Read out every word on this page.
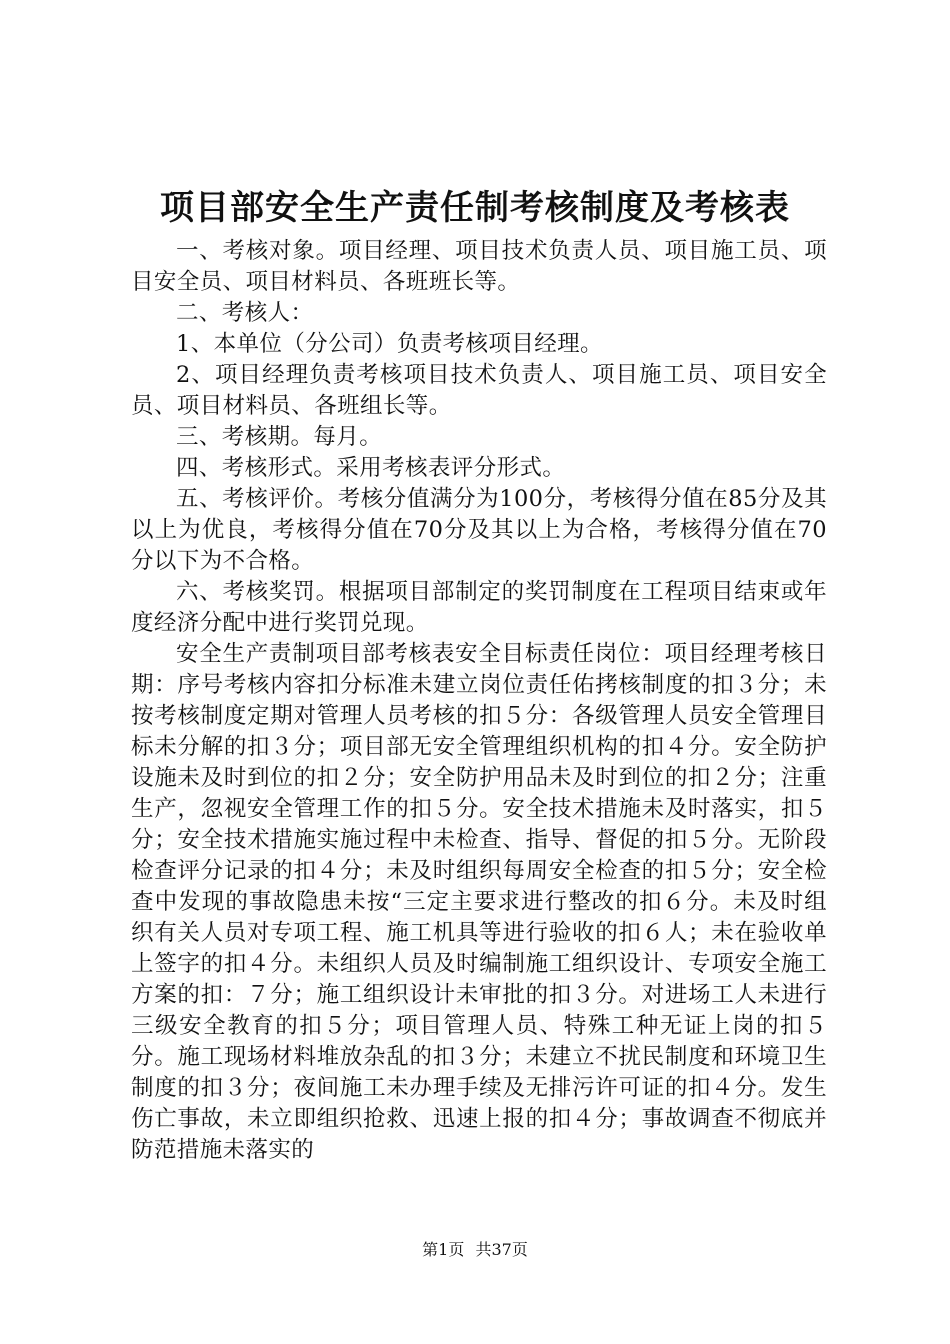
项目部安全生产责任制考核制度及考核表

一、考核对象。项目经理、项目技术负责人员、项目施工员、项目安全员、项目材料员、各班班长等。

二、考核人：

1、本单位（分公司）负责考核项目经理。

2、项目经理负责考核项目技术负责人、项目施工员、项目安全员、项目材料员、各班组长等。

三、考核期。每月。

四、考核形式。采用考核表评分形式。

五、考核评价。考核分值满分为100分，考核得分值在85分及其以上为优良，考核得分值在70分及其以上为合格，考核得分值在70分以下为不合格。

六、考核奖罚。根据项目部制定的奖罚制度在工程项目结束或年度经济分配中进行奖罚兑现。

安全生产责制项目部考核表安全目标责任岗位：项目经理考核日期：序号考核内容扣分标准未建立岗位责任佑拷核制度的扣３分；未按考核制度定期对管理人员考核的扣５分：各级管理人员安全管理目标未分解的扣３分；项目部无安全管理组织机构的扣４分。安全防护设施未及时到位的扣２分；安全防护用品未及时到位的扣２分；注重生产，忽视安全管理工作的扣５分。安全技术措施未及时落实，扣５分；安全技术措施实施过程中未检查、指导、督促的扣５分。无阶段检查评分记录的扣４分；未及时组织每周安全检查的扣５分；安全检查中发现的事故隐患未按“三定主要求进行整改的扣６分。未及时组织有关人员对专项工程、施工机具等进行验收的扣６人；未在验收单上签字的扣４分。未组织人员及时编制施工组织设计、专项安全施工方案的扣：７分；施工组织设计未审批的扣３分。对进场工人未进行三级安全教育的扣５分；项目管理人员、特殊工种无证上岗的扣５分。施工现场材料堆放杂乱的扣３分；未建立不扰民制度和环境卫生制度的扣３分；夜间施工未办理手续及无排污许可证的扣４分。发生伤亡事故，未立即组织抢救、迅速上报的扣４分；事故调查不彻底并防范措施未落实的

第1页 共37页
